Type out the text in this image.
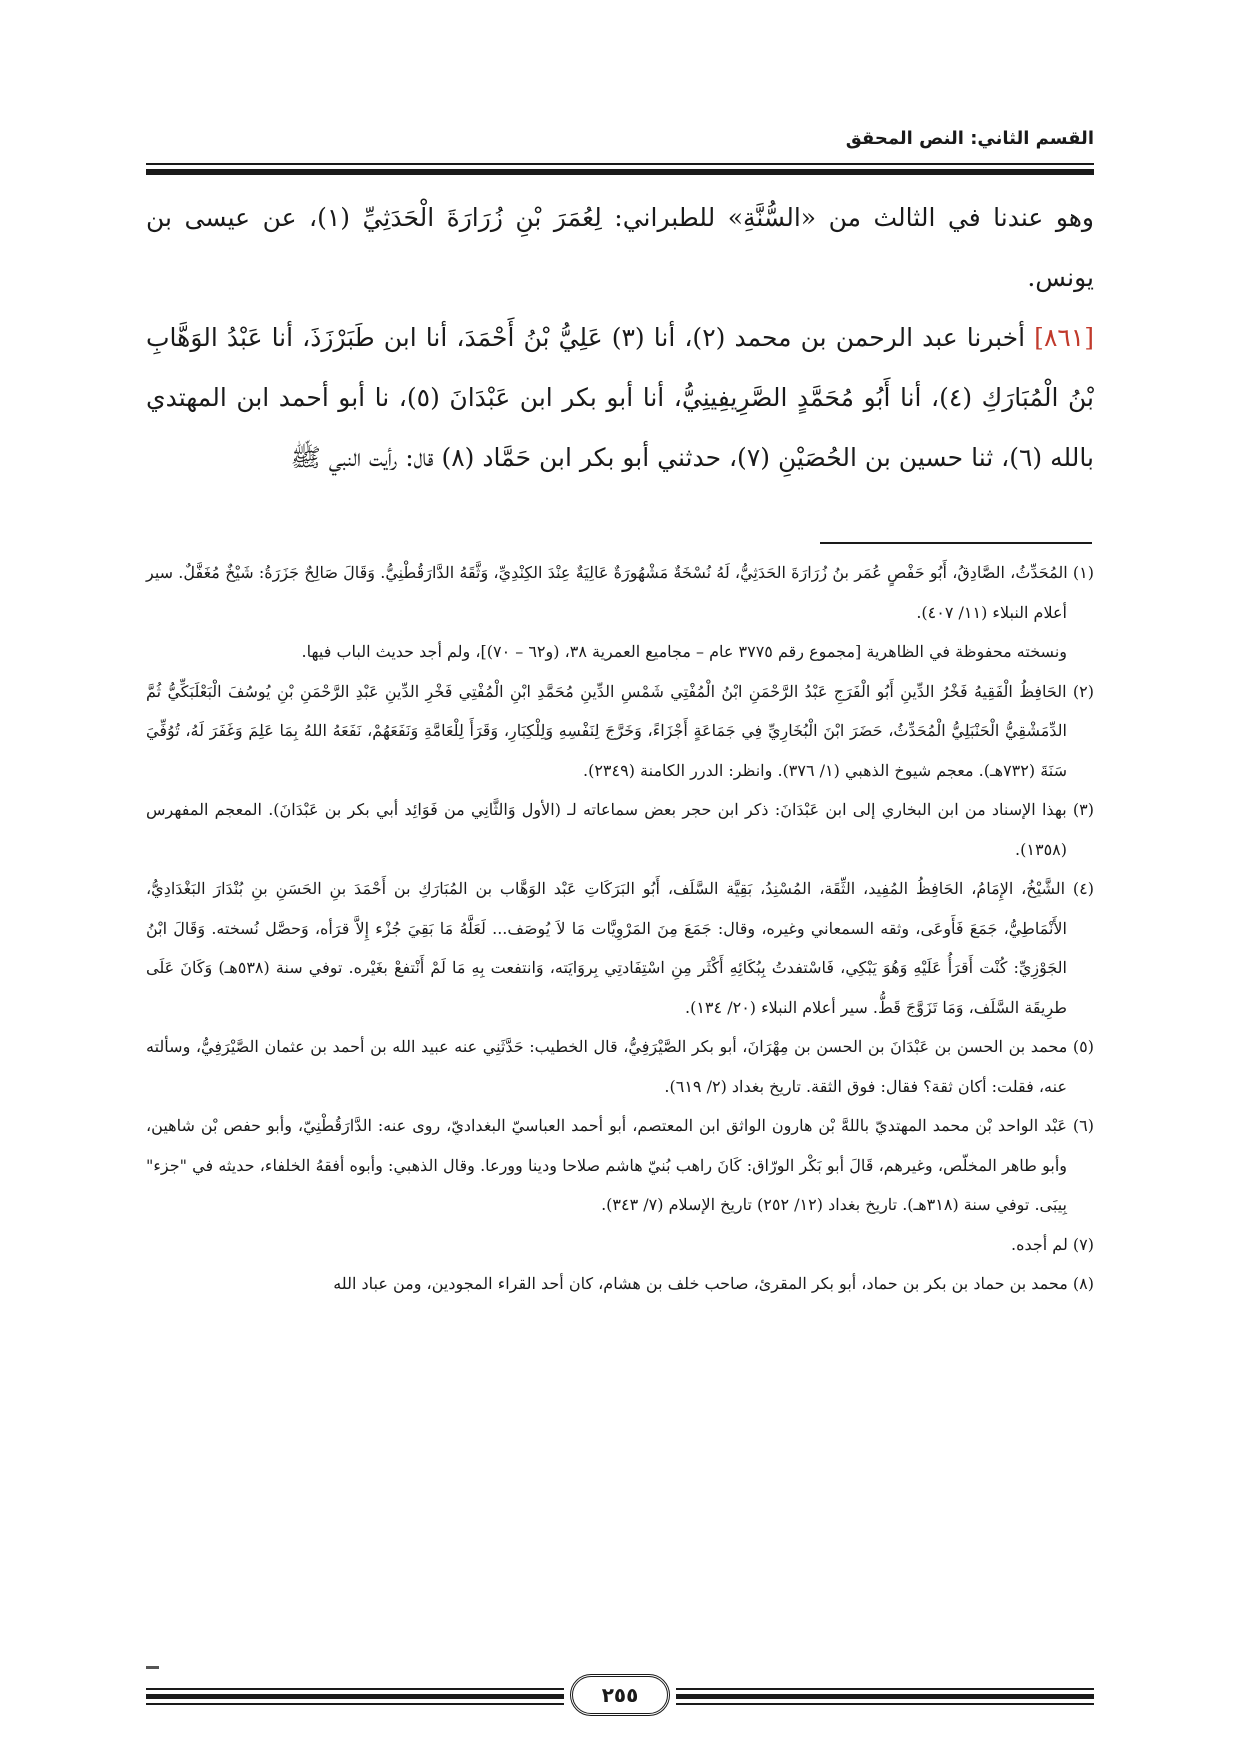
القسم الثاني: النص المحقق

وهو عندنا في الثالث من «السُّنَّةِ» للطبراني: لِعُمَرَ بْنِ زُرَارَةَ الْحَدَثِيِّ (١)، عن عيسى بن يونس.

[٨٦١] أخبرنا عبد الرحمن بن محمد (٢)، أنا (٣) عَلِيُّ بْنُ أَحْمَدَ، أنا ابن طَبَرْزَذَ، أنا عَبْدُ الوَهَّابِ بْنُ الْمُبَارَكِ (٤)، أنا أَبُو مُحَمَّدٍ الصَّرِيفِينِيُّ، أنا أبو بكر ابن عَبْدَانَ (٥)، نا أبو أحمد ابن المهتدي بالله (٦)، ثنا حسين بن الحُصَيْنِ (٧)، حدثني أبو بكر ابن حَمَّاد (٨) قال: رأيت النبي ﷺ

(١) المُحَدِّثُ، الصَّادِقُ، أَبُو حَفْصٍ عُمَر بنُ زُرَارَةَ الحَدَثِيُّ، لَهُ نُسْخَةٌ مَشْهُورَةٌ عَالِيَةٌ عِنْدَ الكِنْدِيِّ، وَثَّقَهُ الدَّارَقُطْنِيُّ. وَقَالَ صَالِحٌ جَزَرَةُ: شَيْخٌ مُغَفَّلٌ. سير أعلام النبلاء (١١/ ٤٠٧).

ونسخته محفوظة في الظاهرية [مجموع رقم ٣٧٧٥ عام – مجاميع العمرية ٣٨، (و٦٢ – ٧٠)]، ولم أجد حديث الباب فيها.

(٢) الحَافِظُ الْفَقِيهُ فَخْرُ الدِّينِ أَبُو الْفَرَجِ عَبْدُ الرَّحْمَنِ ابْنُ الْمُفْتِي شَمْسِ الدِّينِ مُحَمَّدِ ابْنِ الْمُفْتِي فَخْرِ الدِّينِ عَبْدِ الرَّحْمَنِ بْنِ يُوسُفَ الْبَعْلَبَكِّيُّ ثُمَّ الدِّمَشْقِيُّ الْحَنْبَلِيُّ الْمُحَدِّثُ، حَضَرَ ابْنَ الْبُخَارِيِّ فِي جَمَاعَةٍ أَجْزَاءً، وَخَرَّجَ لِنَفْسِهِ وَلِلْكِبَارِ، وَقَرَأَ لِلْعَامَّةِ وَنَفَعَهُمْ، نَفَعَهُ اللهُ بِمَا عَلِمَ وَغَفَرَ لَهُ، تُوُفِّيَ سَنَةَ (٧٣٢هـ). معجم شيوخ الذهبي (١/ ٣٧٦). وانظر: الدرر الكامنة (٢٣٤٩).

(٣) بهذا الإسناد من ابن البخاري إلى ابن عَبْدَانَ: ذكر ابن حجر بعض سماعاته لـ (الأول وَالثَّانِي من فَوَائِد أبي بكر بن عَبْدَانَ). المعجم المفهرس (١٣٥٨).

(٤) الشَّيْخُ، الإِمَامُ، الحَافِظُ المُفِيد، الثِّقَة، المُسْنِدُ، بَقِيَّة السَّلَف، أَبُو البَرَكَاتِ عَبْد الوَهَّاب بن المُبَارَكِ بن أَحْمَدَ بنِ الحَسَنِ بنِ بُنْدَارَ البَغْدَادِيُّ، الأَنْمَاطِيُّ، جَمَعَ فَأَوعَى، وثقه السمعاني وغيره، وقال: جَمَعَ مِنَ المَرْوِيَّات مَا لاَ يُوصَف... لَعَلَّهُ مَا بَقِيَ جُزْء إِلاَّ قرَأه، وَحصَّل نُسخته. وَقَالَ ابْنُ الجَوْزِيِّ: كُنْت أَقرَأُ عَلَيْهِ وَهُوَ يَبْكِي، فَاسْتفدتُ بِبُكَائِهِ أَكْثَر مِنِ اسْتِفَادتِي بِروَايَته، وَانتفعت بِهِ مَا لَمْ أَنْتفعْ بغَيْره. توفي سنة (٥٣٨هـ) وَكَانَ عَلَى طرِيقَة السَّلَف، وَمَا تَزَوَّجَ قَطُّ. سير أعلام النبلاء (٢٠/ ١٣٤).

(٥) محمد بن الحسن بن عَبْدَانَ بن الحسن بن مِهْرَانَ، أبو بكر الصَّيْرَفِيُّ، قال الخطيب: حَدَّثَنِي عنه عبيد الله بن أحمد بن عثمان الصَّيْرَفِيُّ، وسألته عنه، فقلت: أكان ثقة؟ فقال: فوق الثقة. تاريخ بغداد (٢/ ٦١٩).

(٦) عَبْد الواحد بْن محمد المهتديّ باللهَّ بْن هارون الواثق ابن المعتصم، أبو أحمد العباسيّ البغداديّ، روى عنه: الدَّارَقُطْنِيّ، وأبو حفص بْن شاهين، وأبو طاهر المخلّص، وغيرهم، قَالَ أبو بَكْر الورّاق: كَانَ راهب بُنيّ هاشم صلاحا ودينا وورعا. وقال الذهبي: وأبوه أفقهُ الخلفاء، حديثه في "جزء" بِيبَى. توفي سنة (٣١٨هـ). تاريخ بغداد (١٢/ ٢٥٢) تاريخ الإسلام (٧/ ٣٤٣).

(٧) لم أجده.

(٨) محمد بن حماد بن بكر بن حماد، أبو بكر المقرئ، صاحب خلف بن هشام، كان أحد القراء المجودين، ومن عباد الله

٢٥٥
